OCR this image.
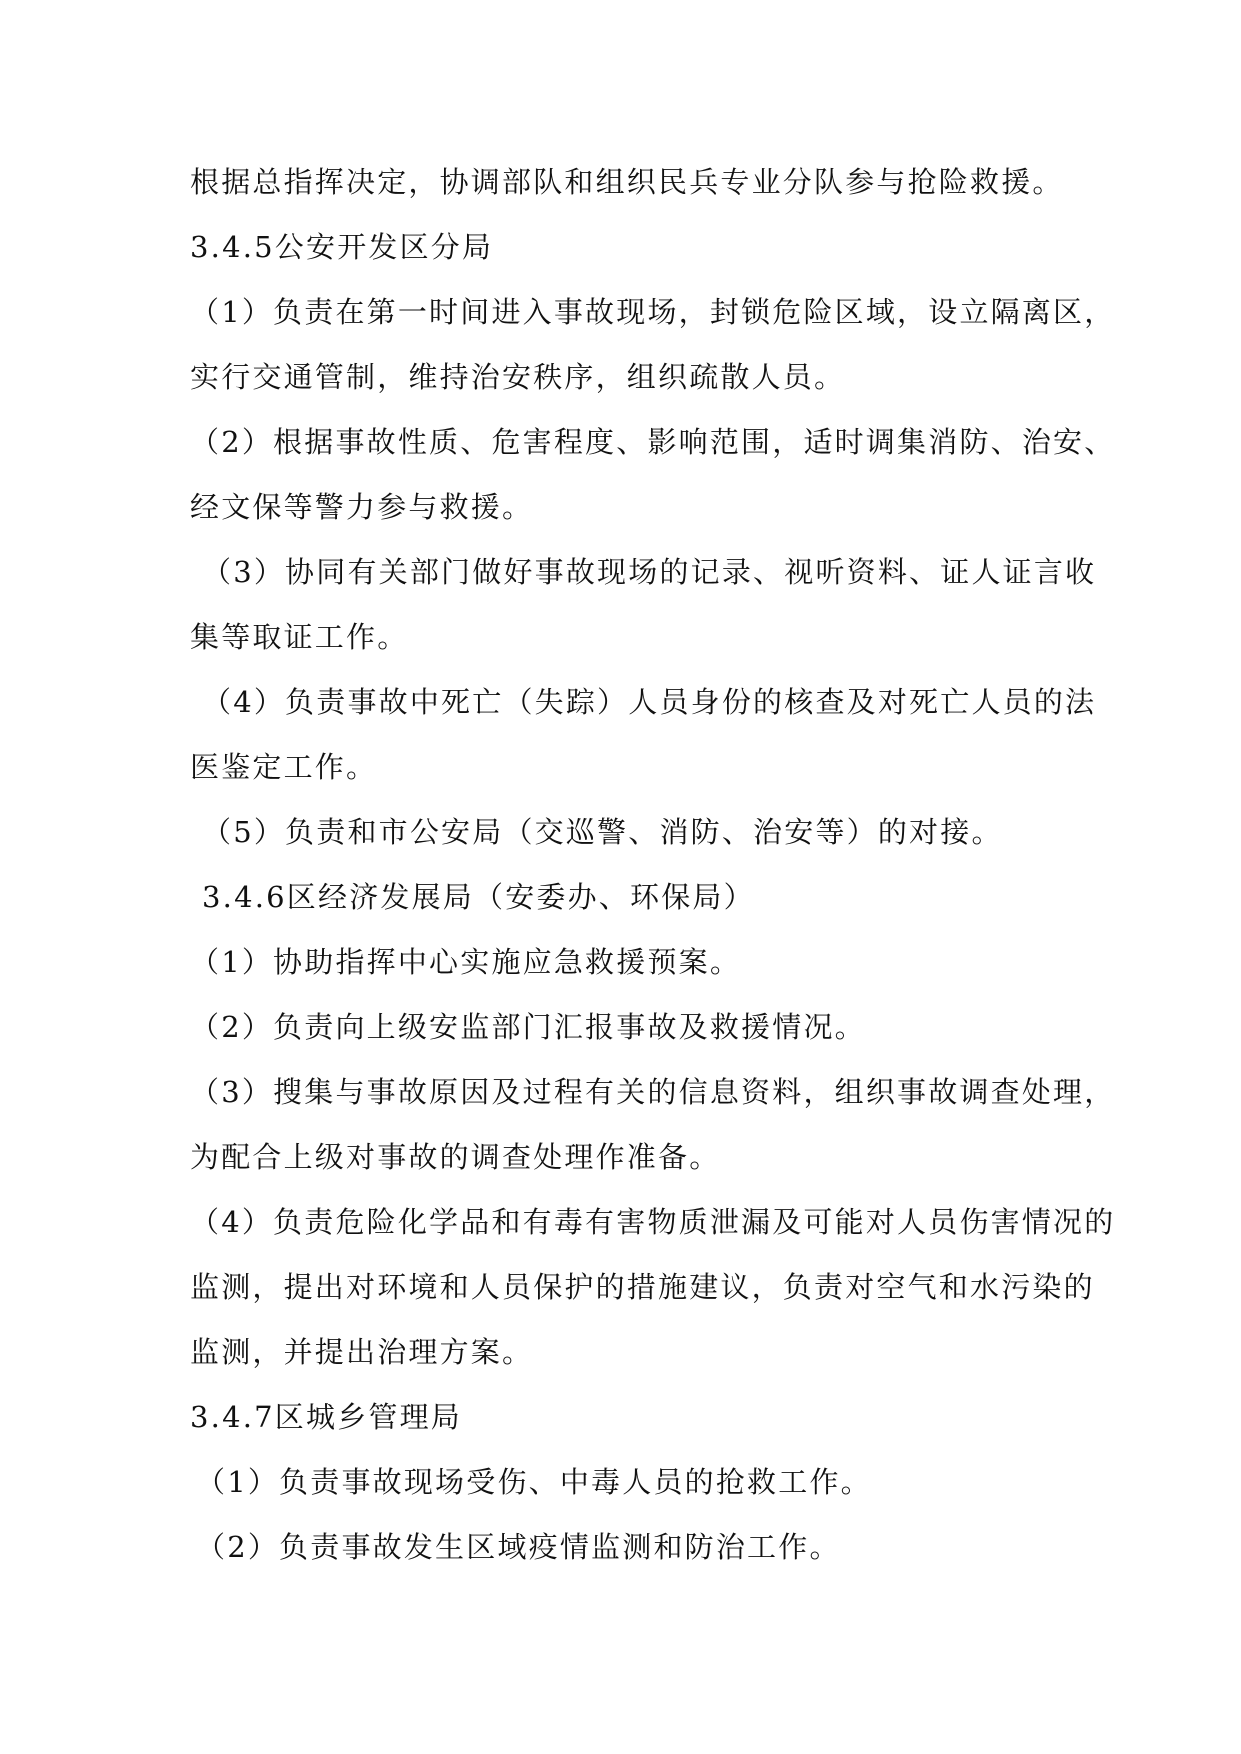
根据总指挥决定，协调部队和组织民兵专业分队参与抢险救援。
3.4.5公安开发区分局
（1）负责在第一时间进入事故现场，封锁危险区域，设立隔离区，
实行交通管制，维持治安秩序，组织疏散人员。
（2）根据事故性质、危害程度、影响范围，适时调集消防、治安、
经文保等警力参与救援。
（3）协同有关部门做好事故现场的记录、视听资料、证人证言收
集等取证工作。
（4）负责事故中死亡（失踪）人员身份的核查及对死亡人员的法
医鉴定工作。
（5）负责和市公安局（交巡警、消防、治安等）的对接。
3.4.6区经济发展局（安委办、环保局）
（1）协助指挥中心实施应急救援预案。
（2）负责向上级安监部门汇报事故及救援情况。
（3）搜集与事故原因及过程有关的信息资料，组织事故调查处理，
为配合上级对事故的调查处理作准备。
（4）负责危险化学品和有毒有害物质泄漏及可能对人员伤害情况的
监测，提出对环境和人员保护的措施建议，负责对空气和水污染的
监测，并提出治理方案。
3.4.7区城乡管理局
（1）负责事故现场受伤、中毒人员的抢救工作。
（2）负责事故发生区域疫情监测和防治工作。
